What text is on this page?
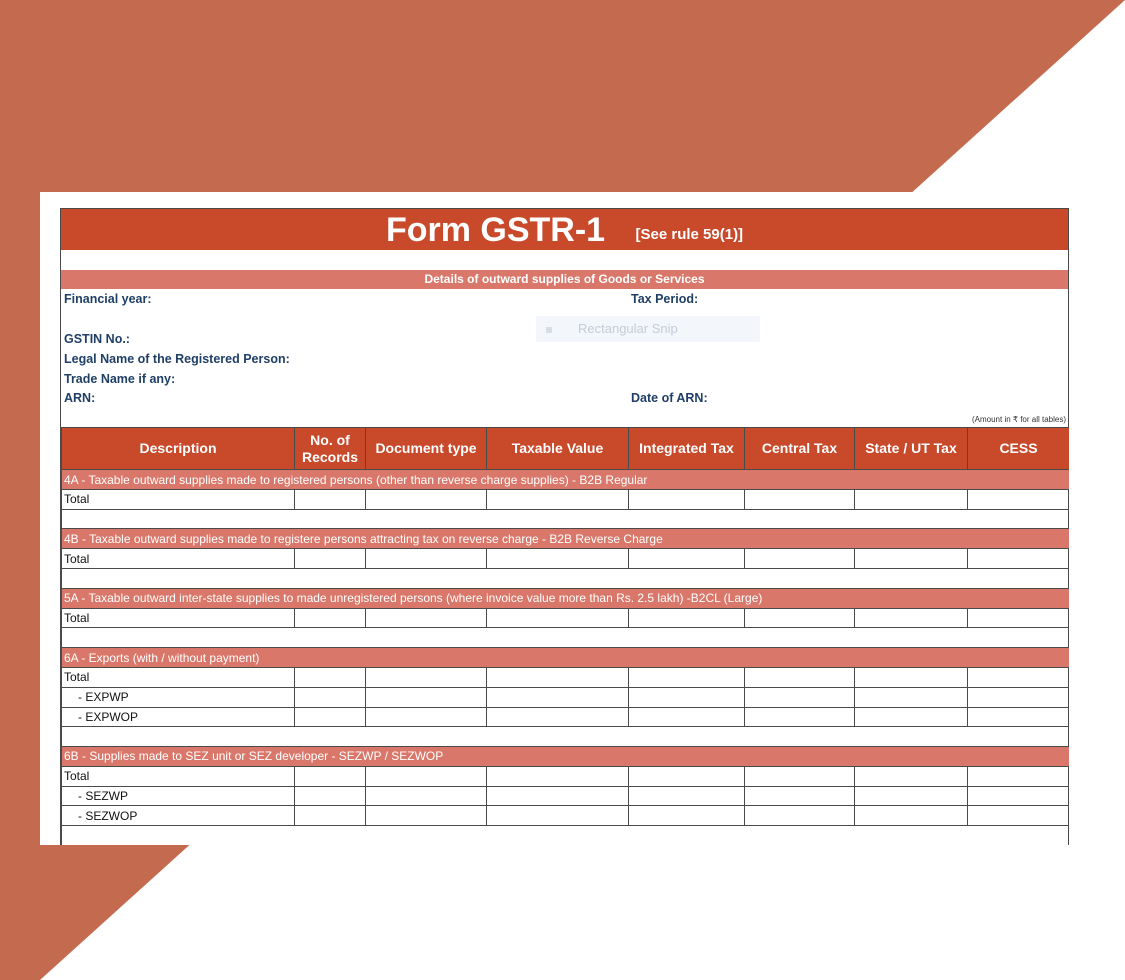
Form GSTR-1 [See rule 59(1)]
Details of outward supplies of Goods or Services
Financial year:	Tax Period:
Rectangular Snip
GSTIN No.:
Legal Name of the Registered Person:
Trade Name if any:
ARN:	Date of ARN:
(Amount in ₹ for all tables)
Description	No. of Records	Document type	Taxable Value	Integrated Tax	Central Tax	State / UT Tax	CESS
4A - Taxable outward supplies made to registered persons (other than reverse charge supplies) - B2B Regular							
Total							

4B - Taxable outward supplies made to registere persons attracting tax on reverse charge - B2B Reverse Charge							
Total							

5A - Taxable outward inter-state supplies to made unregistered persons (where invoice value more than Rs. 2.5 lakh) -B2CL (Large)							
Total							

6A - Exports (with / without payment)							
Total							
- EXPWP							
- EXPWOP							

6B - Supplies made to SEZ unit or SEZ developer - SEZWP / SEZWOP							
Total							
- SEZWP							
- SEZWOP							
